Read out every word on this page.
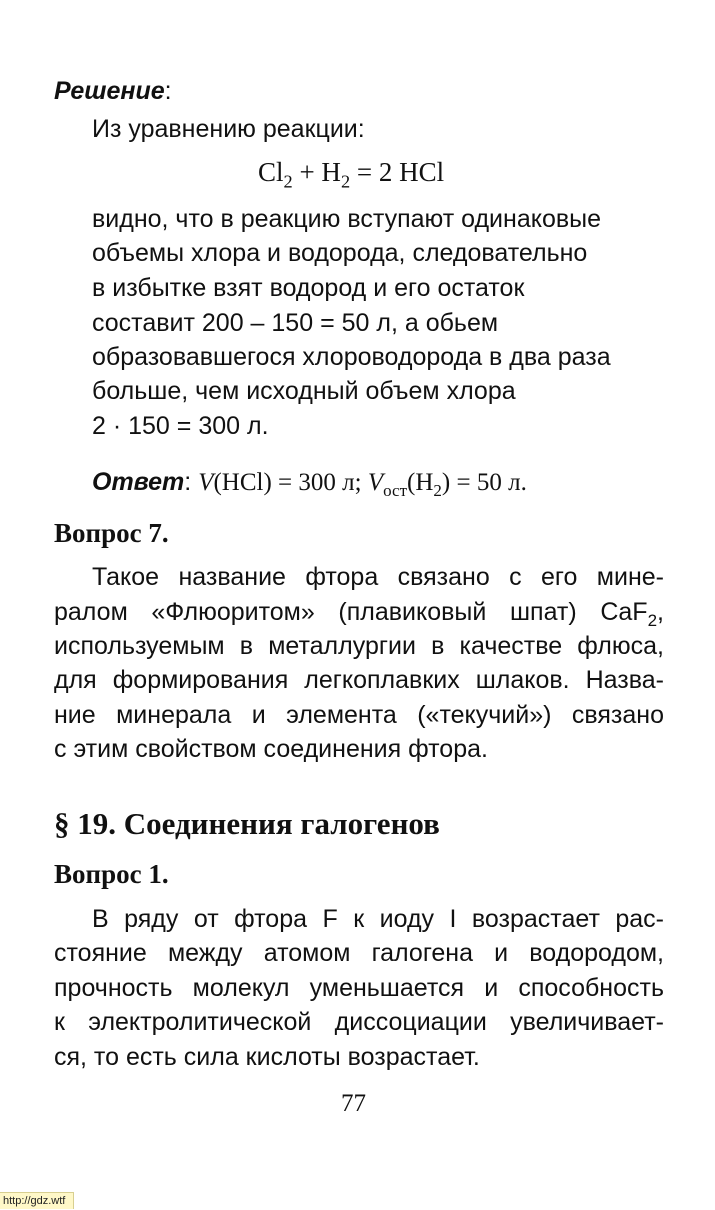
Решение:
Из уравнению реакции:
$Cl_2 + H_2 = 2$ HCl
видно, что в реакцию вступают одинаковые
объемы хлора и водорода, следовательно
в избытке взят водород и его остаток
составит 200 – 150 = 50 л, а обьем
образовавшегося хлороводорода в два раза
больше, чем исходный объем хлора
2 · 150 = 300 л.
Ответ: V(HCl) = 300 л; $V_{ост}(H_2) = 50$ л.
Вопрос 7.
Такое название фтора связано с его мине-
ралом «Флюоритом» (плавиковый шпат) CaF$_2$,
используемым в металлургии в качестве флюса,
для формирования легкоплавких шлаков. Назва-
ние минерала и элемента («текучий») связано
с этим свойством соединения фтора.
§ 19. Соединения галогенов
Вопрос 1.
В ряду от фтора F к иоду I возрастает рас-
стояние между атомом галогена и водородом,
прочность молекул уменьшается и способность
к электролитической диссоциации увеличивает-
ся, то есть сила кислоты возрастает.
77
http://gdz.wtf
